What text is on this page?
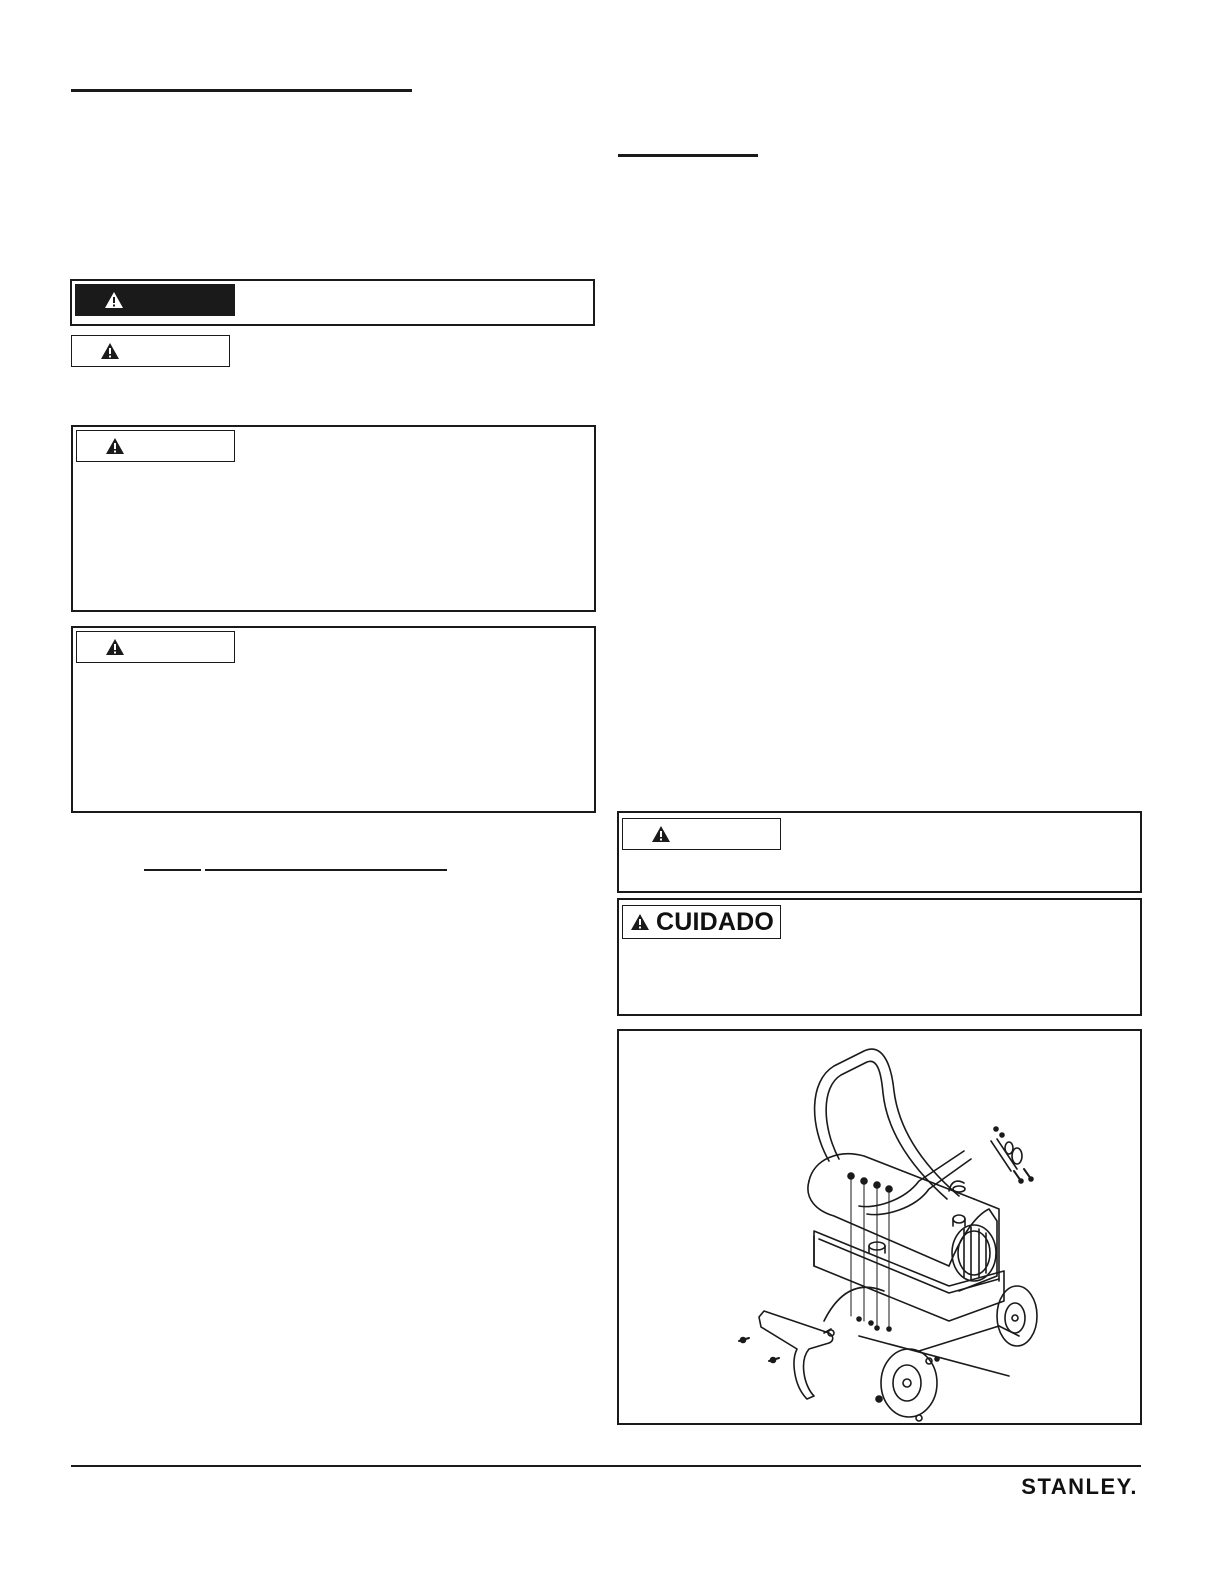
CUIDADO
STANLEY.
